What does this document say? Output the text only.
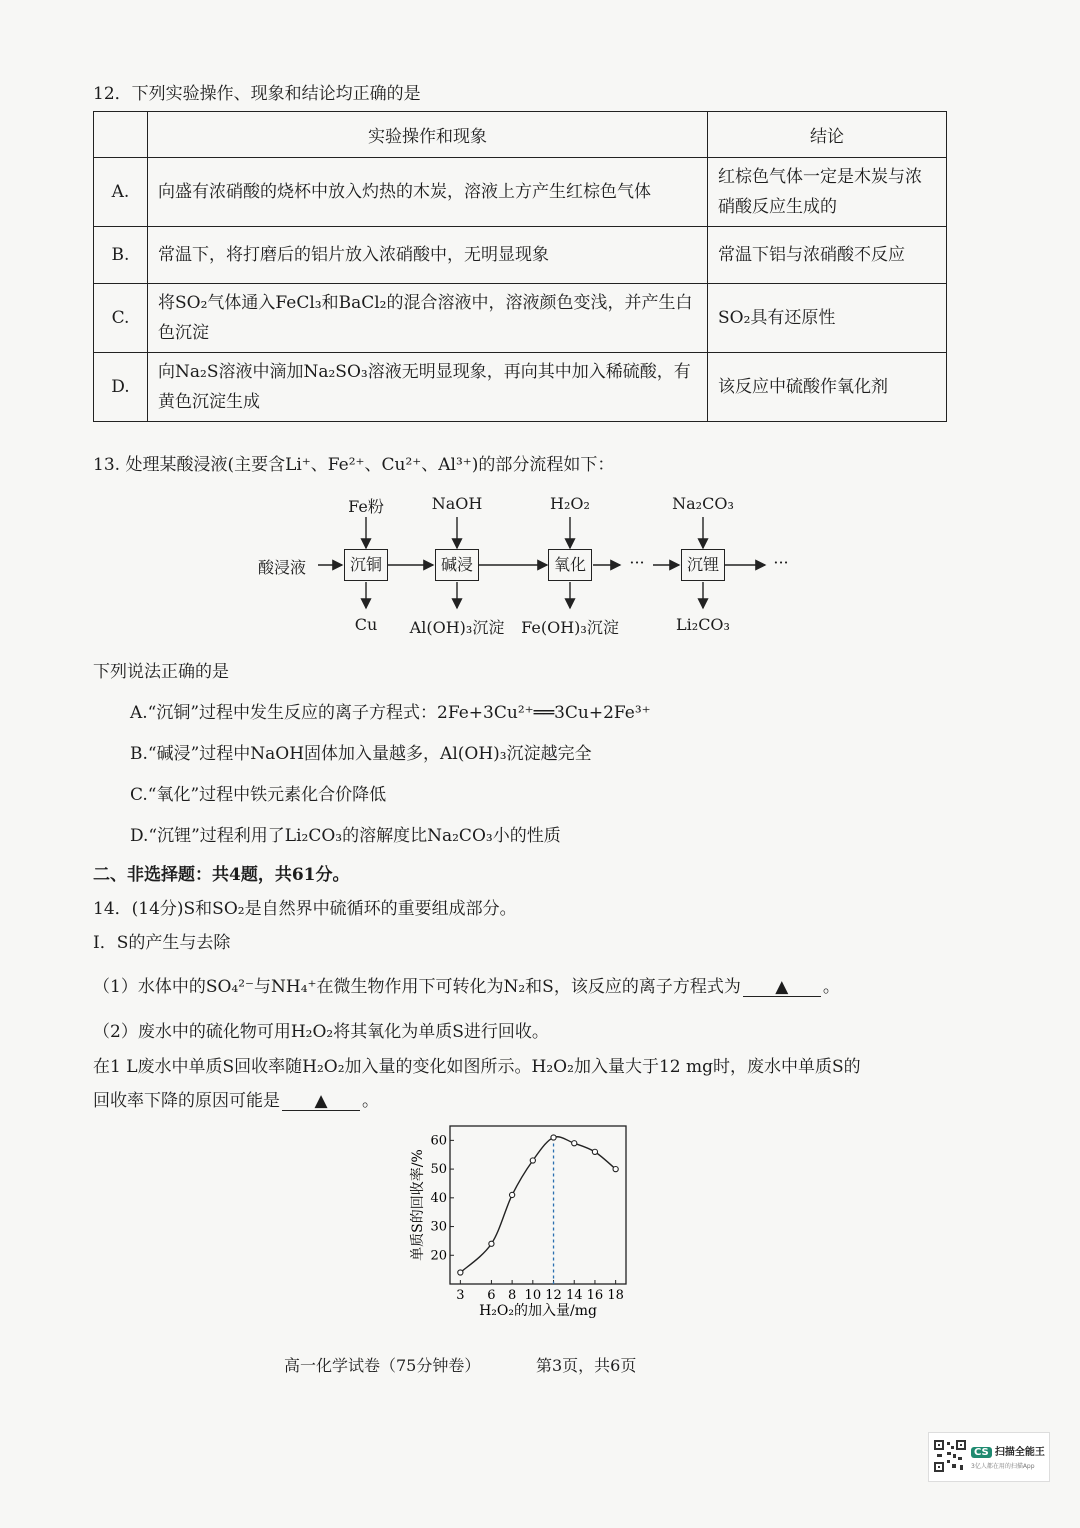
12．下列实验操作、现象和结论均正确的是
	实验操作和现象	结论
A.	向盛有浓硝酸的烧杯中放入灼热的木炭，溶液上方产生红棕色气体	红棕色气体一定是木炭与浓硝酸反应生成的
B.	常温下，将打磨后的铝片放入浓硝酸中，无明显现象	常温下铝与浓硝酸不反应
C.	将SO₂气体通入FeCl₃和BaCl₂的混合溶液中，溶液颜色变浅，并产生白色沉淀	SO₂具有还原性
D.	向Na₂S溶液中滴加Na₂SO₃溶液无明显现象，再向其中加入稀硫酸，有黄色沉淀生成	该反应中硫酸作氧化剂
13. 处理某酸浸液(主要含Li⁺、Fe²⁺、Cu²⁺、Al³⁺)的部分流程如下：
酸浸液
Fe粉	NaOH	H₂O₂	Na₂CO₃
沉铜	碱浸	氧化	沉锂
···	···
Cu	Al(OH)₃沉淀 Fe(OH)₃沉淀	Li₂CO₃
下列说法正确的是
A.“沉铜”过程中发生反应的离子方程式：2Fe+3Cu²⁺══3Cu+2Fe³⁺
B.“碱浸”过程中NaOH固体加入量越多，Al(OH)₃沉淀越完全
C.“氧化”过程中铁元素化合价降低
D.“沉锂”过程利用了Li₂CO₃的溶解度比Na₂CO₃小的性质
二、非选择题：共4题，共61分。
14．(14分)S和SO₂是自然界中硫循环的重要组成部分。
I．S的产生与去除
（1）水体中的SO₄²⁻与NH₄⁺在微生物作用下可转化为N₂和S，该反应的离子方程式为 ▲ 。
（2）废水中的硫化物可用H₂O₂将其氧化为单质S进行回收。
在1 L废水中单质S回收率随H₂O₂加入量的变化如图所示。H₂O₂加入量大于12 mg时，废水中单质S的
回收率下降的原因可能是 ▲ 。
20
30
40
50
60
3 6 8 10 12 14 16 18
H₂O₂的加入量/mg
单质S的回收率/%
高一化学试卷（75分钟卷）	第3页，共6页
CS 扫描全能王
3亿人都在用的扫描App
